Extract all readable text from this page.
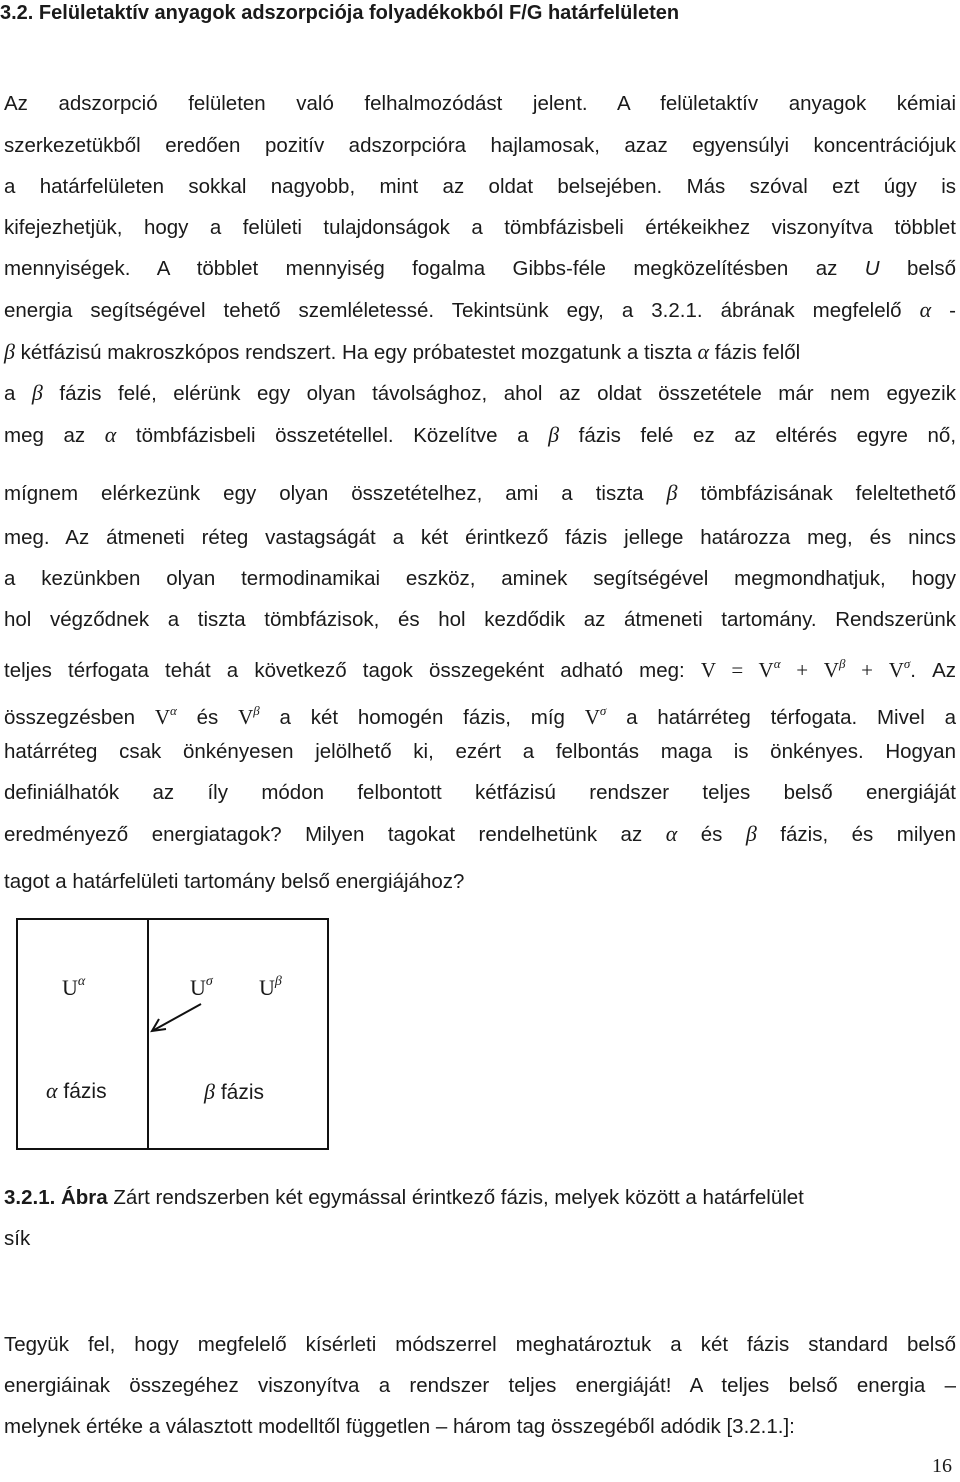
3.2. Felületaktív anyagok adszorpciója folyadékokból F/G határfelületen
Az adszorpció felületen való felhalmozódást jelent. A felületaktív anyagok kémiai
szerkezetükből eredően pozitív adszorpcióra hajlamosak, azaz egyensúlyi koncentrációjuk
a határfelületen sokkal nagyobb, mint az oldat belsejében. Más szóval ezt úgy is
kifejezhetjük, hogy a felületi tulajdonságok a tömbfázisbeli értékeikhez viszonyítva többlet
mennyiségek. A többlet mennyiség fogalma Gibbs-féle megközelítésben az U belső
energia segítségével tehető szemléletessé. Tekintsünk egy, a 3.2.1. ábrának megfelelő α -
β kétfázisú makroszkópos rendszert. Ha egy próbatestet mozgatunk a tiszta α fázis felől
a β fázis felé, elérünk egy olyan távolsághoz, ahol az oldat összetétele már nem egyezik
meg az α tömbfázisbeli összetétellel. Közelítve a β fázis felé ez az eltérés egyre nő,
mígnem elérkezünk egy olyan összetételhez, ami a tiszta β tömbfázisának feleltethető
meg. Az átmeneti réteg vastagságát a két érintkező fázis jellege határozza meg, és nincs
a kezünkben olyan termodinamikai eszköz, aminek segítségével megmondhatjuk, hogy
hol végződnek a tiszta tömbfázisok, és hol kezdődik az átmeneti tartomány. Rendszerünk
teljes térfogata tehát a következő tagok összegeként adható meg: $V = V^\alpha + V^\beta + V^\sigma$. Az
összegzésben $V^\alpha$ és $V^\beta$ a két homogén fázis, míg $V^\sigma$ a határréteg térfogata. Mivel a
határréteg csak önkényesen jelölhető ki, ezért a felbontás maga is önkényes. Hogyan
definiálhatók az íly módon felbontott kétfázisú rendszer teljes belső energiáját
eredményező energiatagok? Milyen tagokat rendelhetünk az α és β fázis, és milyen
tagot a határfelületi tartomány belső energiájához?
$U^\alpha$	$U^\sigma$ $U^\beta$
α fázis	β fázis
3.2.1. Ábra Zárt rendszerben két egymással érintkező fázis, melyek között a határfelület
sík
Tegyük fel, hogy megfelelő kísérleti módszerrel meghatároztuk a két fázis standard belső
energiáinak összegéhez viszonyítva a rendszer teljes energiáját! A teljes belső energia –
melynek értéke a választott modelltől független – három tag összegéből adódik [3.2.1.]:
16
